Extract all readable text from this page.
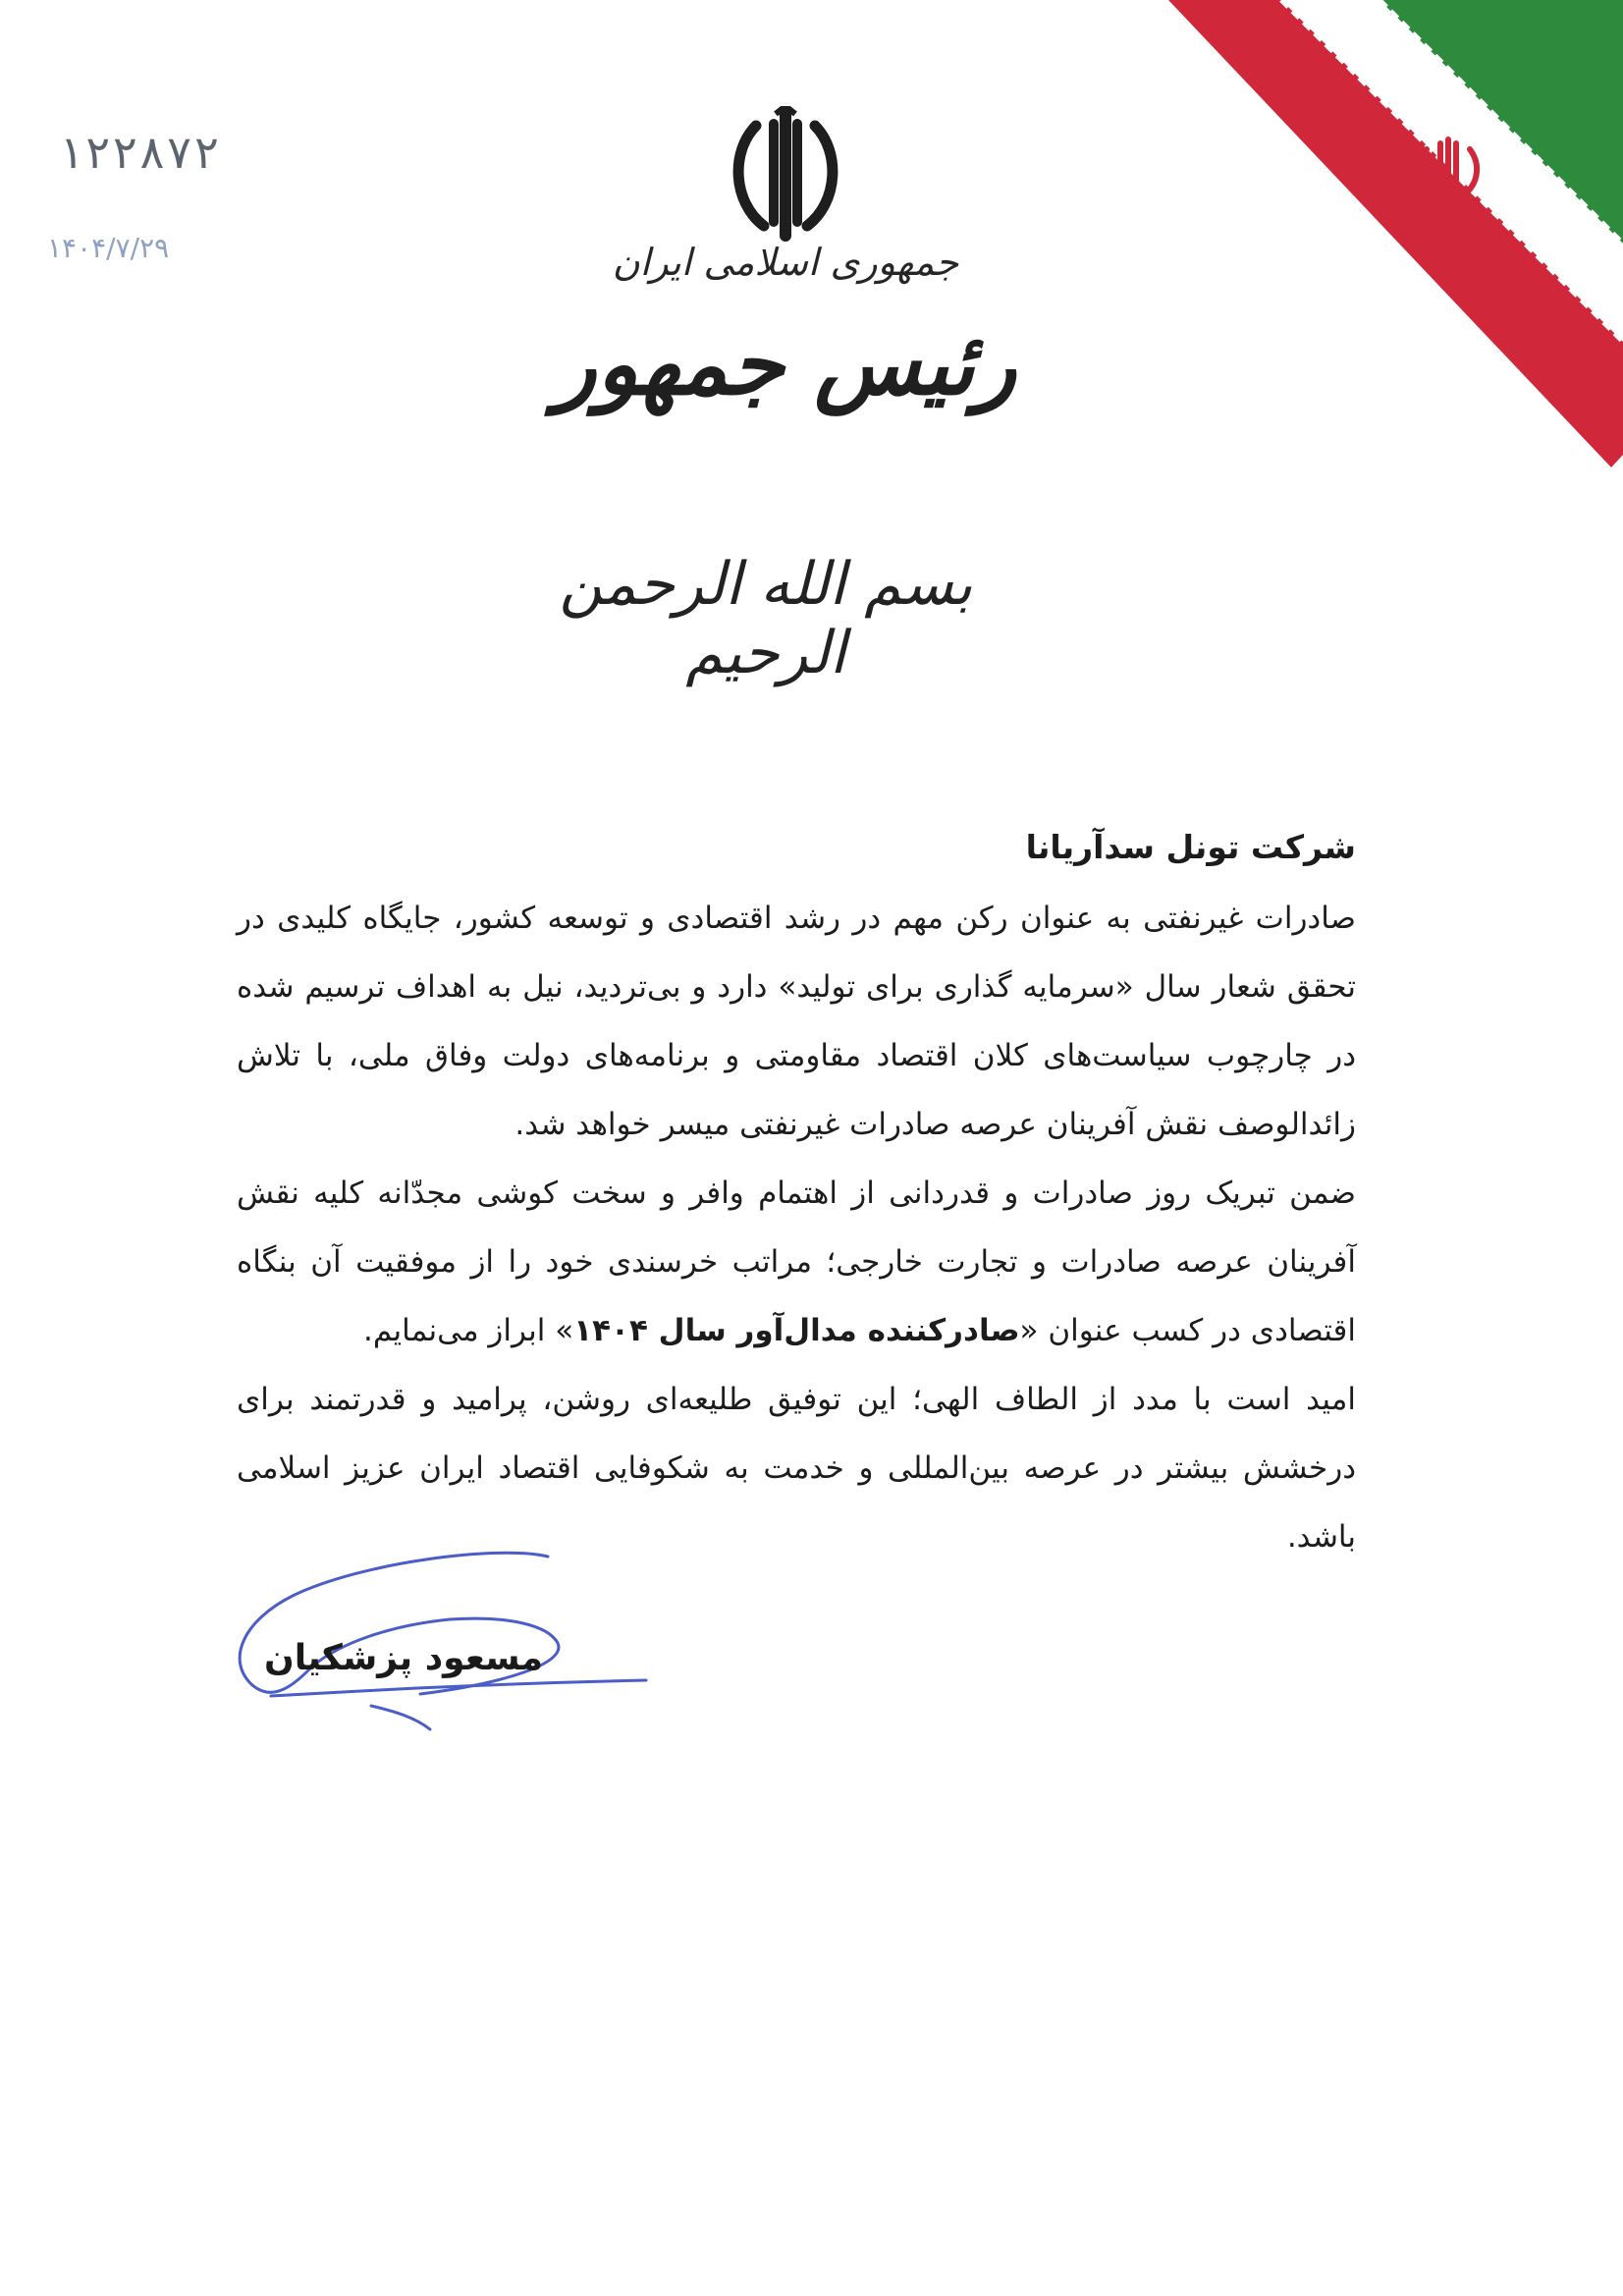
۱۲۲۸۷۲
۱۴۰۴/۷/۲۹	جمهوری اسلامی ایران
رئیس جمهور
بسم الله الرحمن الرحیم
شرکت تونل سدآریانا

صادرات غیرنفتی به عنوان رکن مهم در رشد اقتصادی و توسعه کشور، جایگاه کلیدی در تحقق شعار سال «سرمایه گذاری برای تولید» دارد و بی‌تردید، نیل به اهداف ترسیم شده در چارچوب سیاست‌های کلان اقتصاد مقاومتی و برنامه‌های دولت وفاق ملی، با تلاش زائدالوصف نقش آفرینان عرصه صادرات غیرنفتی میسر خواهد شد.

ضمن تبریک روز صادرات و قدردانی از اهتمام وافر و سخت کوشی مجدّانه کلیه نقش آفرینان عرصه صادرات و تجارت خارجی؛ مراتب خرسندی خود را از موفقیت آن بنگاه اقتصادی در کسب عنوان «صادرکننده مدال‌آور سال ۱۴۰۴» ابراز می‌نمایم.

امید است با مدد از الطاف الهی؛ این توفیق طلیعه‌ای روشن، پرامید و قدرتمند برای درخشش بیشتر در عرصه بین‌المللی و خدمت به شکوفایی اقتصاد ایران عزیز اسلامی باشد.

مسعود پزشکیان
